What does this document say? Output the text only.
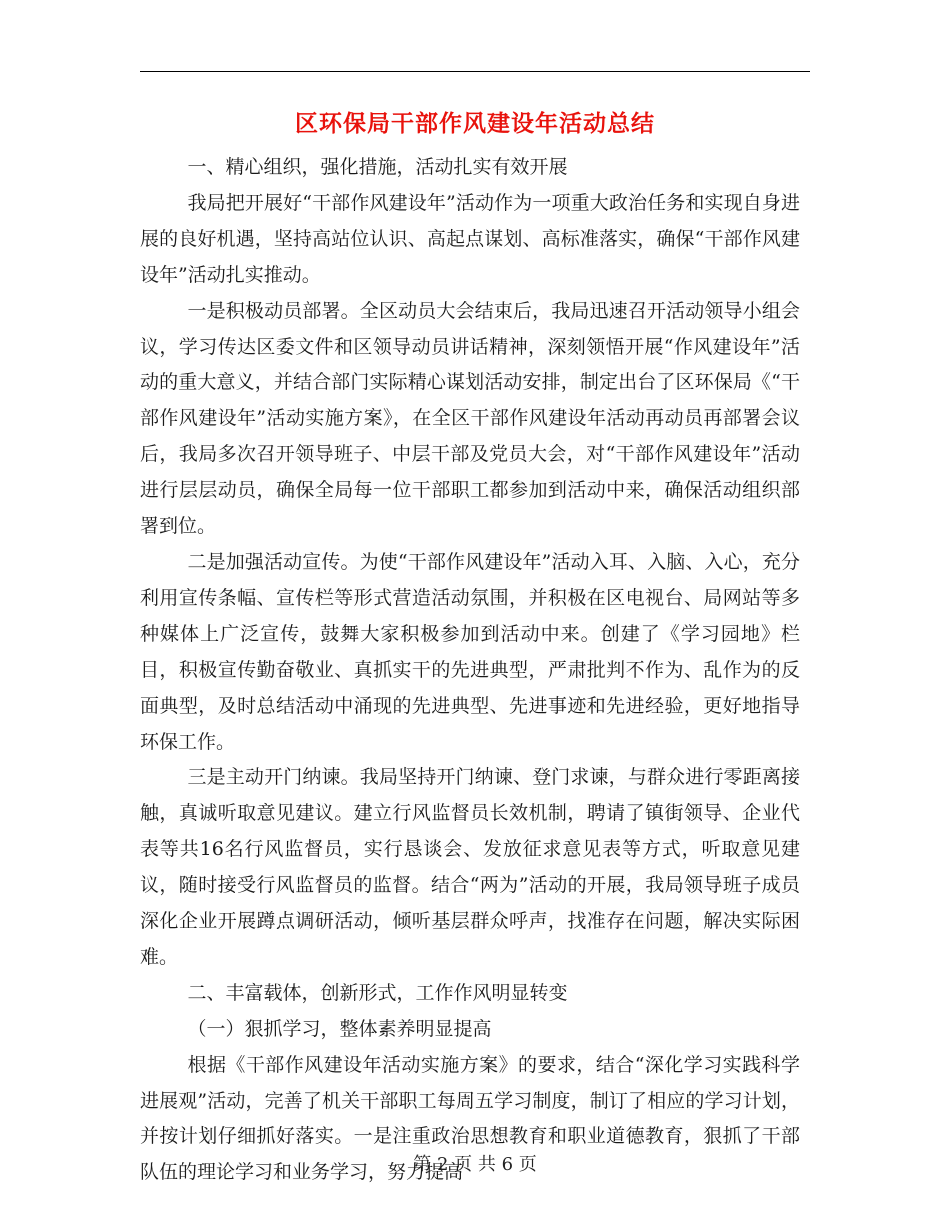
区环保局干部作风建设年活动总结

一、精心组织，强化措施，活动扎实有效开展

我局把开展好“干部作风建设年”活动作为一项重大政治任务和实现自身进展的良好机遇，坚持高站位认识、高起点谋划、高标准落实，确保“干部作风建设年”活动扎实推动。

一是积极动员部署。全区动员大会结束后，我局迅速召开活动领导小组会议，学习传达区委文件和区领导动员讲话精神，深刻领悟开展“作风建设年”活动的重大意义，并结合部门实际精心谋划活动安排，制定出台了区环保局《“干部作风建设年”活动实施方案》，在全区干部作风建设年活动再动员再部署会议后，我局多次召开领导班子、中层干部及党员大会，对“干部作风建设年”活动进行层层动员，确保全局每一位干部职工都参加到活动中来，确保活动组织部署到位。

二是加强活动宣传。为使“干部作风建设年”活动入耳、入脑、入心，充分利用宣传条幅、宣传栏等形式营造活动氛围，并积极在区电视台、局网站等多种媒体上广泛宣传，鼓舞大家积极参加到活动中来。创建了《学习园地》栏目，积极宣传勤奋敬业、真抓实干的先进典型，严肃批判不作为、乱作为的反面典型，及时总结活动中涌现的先进典型、先进事迹和先进经验，更好地指导环保工作。

三是主动开门纳谏。我局坚持开门纳谏、登门求谏，与群众进行零距离接触，真诚听取意见建议。建立行风监督员长效机制，聘请了镇街领导、企业代表等共16名行风监督员，实行恳谈会、发放征求意见表等方式，听取意见建议，随时接受行风监督员的监督。结合“两为”活动的开展，我局领导班子成员深化企业开展蹲点调研活动，倾听基层群众呼声，找准存在问题，解决实际困难。

二、丰富载体，创新形式，工作作风明显转变

（一）狠抓学习，整体素养明显提高

根据《干部作风建设年活动实施方案》的要求，结合“深化学习实践科学进展观”活动，完善了机关干部职工每周五学习制度，制订了相应的学习计划，并按计划仔细抓好落实。一是注重政治思想教育和职业道德教育，狠抓了干部队伍的理论学习和业务学习，努力提高

第 2 页 共 6 页
